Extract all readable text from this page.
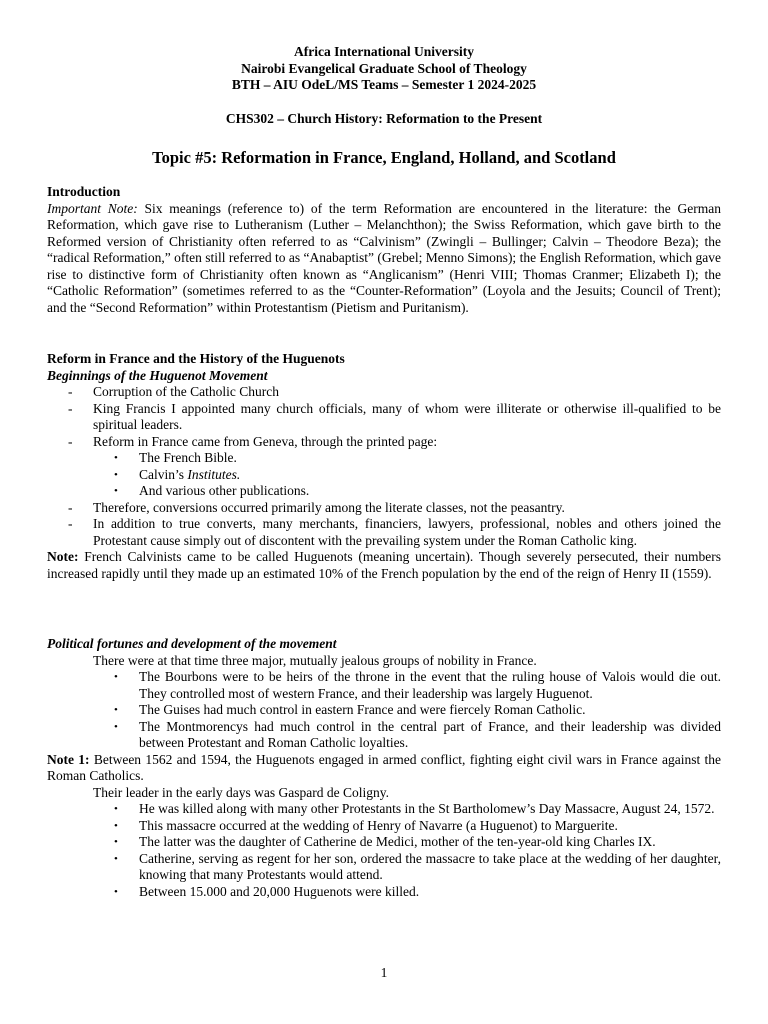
Africa International University
Nairobi Evangelical Graduate School of Theology
BTH – AIU OdeL/MS Teams – Semester 1 2024-2025
CHS302 – Church History: Reformation to the Present
Topic #5: Reformation in France, England, Holland, and Scotland

Introduction

Important Note: Six meanings (reference to) of the term Reformation are encountered in the literature: the German Reformation, which gave rise to Lutheranism (Luther – Melanchthon); the Swiss Reformation, which gave birth to the Reformed version of Christianity often referred to as “Calvinism” (Zwingli – Bullinger; Calvin – Theodore Beza); the “radical Reformation,” often still referred to as “Anabaptist” (Grebel; Menno Simons); the English Reformation, which gave rise to distinctive form of Christianity often known as “Anglicanism” (Henri VIII; Thomas Cranmer; Elizabeth I); the “Catholic Reformation” (sometimes referred to as the “Counter-Reformation” (Loyola and the Jesuits; Council of Trent); and the “Second Reformation” within Protestantism (Pietism and Puritanism).

Reform in France and the History of the Huguenots

Beginnings of the Huguenot Movement

- Corruption of the Catholic Church
- King Francis I appointed many church officials, many of whom were illiterate or otherwise ill-qualified to be spiritual leaders.
- Reform in France came from Geneva, through the printed page:
• The French Bible.
• Calvin’s Institutes.
• And various other publications.
- Therefore, conversions occurred primarily among the literate classes, not the peasantry.
- In addition to true converts, many merchants, financiers, lawyers, professional, nobles and others joined the Protestant cause simply out of discontent with the prevailing system under the Roman Catholic king.

Note: French Calvinists came to be called Huguenots (meaning uncertain). Though severely persecuted, their numbers increased rapidly until they made up an estimated 10% of the French population by the end of the reign of Henry II (1559).

Political fortunes and development of the movement

There were at that time three major, mutually jealous groups of nobility in France.

• The Bourbons were to be heirs of the throne in the event that the ruling house of Valois would die out. They controlled most of western France, and their leadership was largely Huguenot.
• The Guises had much control in eastern France and were fiercely Roman Catholic.
• The Montmorencys had much control in the central part of France, and their leadership was divided between Protestant and Roman Catholic loyalties.

Note 1: Between 1562 and 1594, the Huguenots engaged in armed conflict, fighting eight civil wars in France against the Roman Catholics.

Their leader in the early days was Gaspard de Coligny.

• He was killed along with many other Protestants in the St Bartholomew’s Day Massacre, August 24, 1572.
• This massacre occurred at the wedding of Henry of Navarre (a Huguenot) to Marguerite.
• The latter was the daughter of Catherine de Medici, mother of the ten-year-old king Charles IX.
• Catherine, serving as regent for her son, ordered the massacre to take place at the wedding of her daughter, knowing that many Protestants would attend.
• Between 15.000 and 20,000 Huguenots were killed.
1
